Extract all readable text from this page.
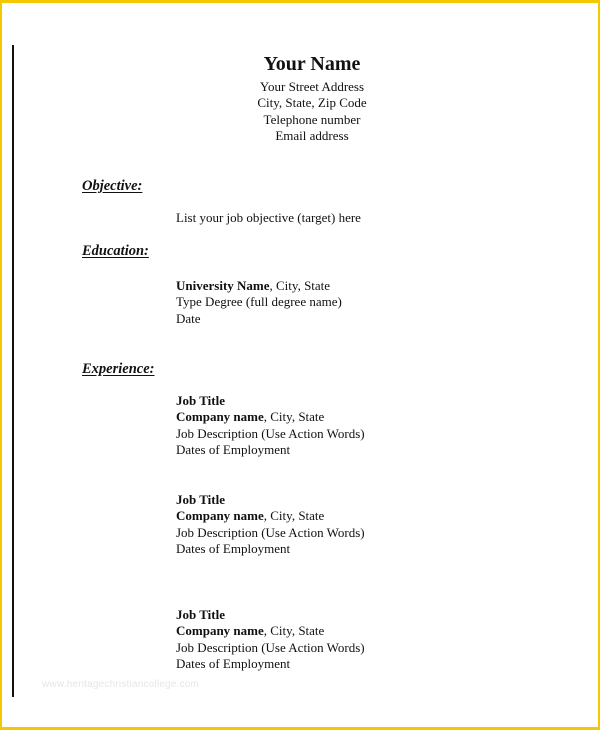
Your Name
Your Street Address
City, State, Zip Code
Telephone number
Email address
Objective:
List your job objective (target) here
Education:
University Name, City, State
Type Degree (full degree name)
Date
Experience:
Job Title
Company name, City, State
Job Description (Use Action Words)
Dates of Employment
Job Title
Company name, City, State
Job Description (Use Action Words)
Dates of Employment
Job Title
Company name, City, State
Job Description (Use Action Words)
Dates of Employment
www.heritagechristiancollege.com
